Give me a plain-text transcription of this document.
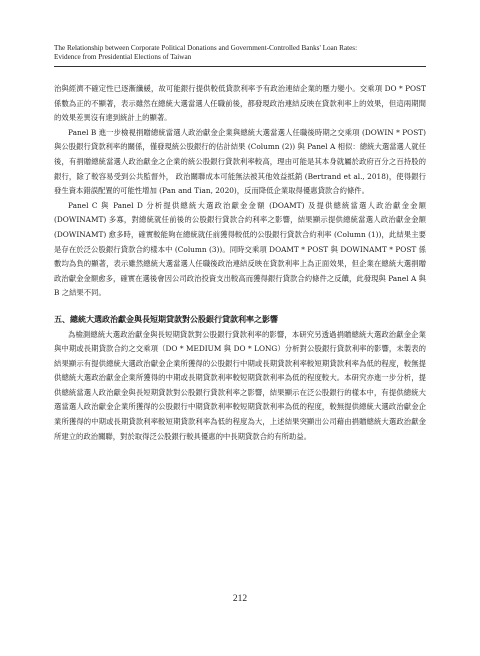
The Relationship between Corporate Political Donations and Government-Controlled Banks' Loan Rates:
Evidence from Presidential Elections of Taiwan

治與經濟不確定性已逐漸纖緩，故可能銀行提供較低貸款利率予有政治連結企業的壓力變小。交乘項 DO * POST 係數為正的不顯著，表示雖然在總統大選當選人任職前後，都發現政治連結反映在貸款利率上的效果，但這兩期間的效果差異沒有達到統計上的顯著。

Panel B 進一步檢視捐贈總統當選人政治獻金企業與總統大選當選人任職後時期之交乘項 (DOWIN * POST) 與公股銀行貸款利率的關係，僅發現統公股銀行的估計結果 (Column (2)) 與 Panel A 相似：總統大選當選人就任後，有捐贈總統當選人政治獻金之企業的統公股銀行貸款利率較高，理由可能是其本身就屬於政府百分之百持股的銀行，除了較容易受到公共監督外， 政治關聯成本可能無法被其他效益抵銷 (Bertrand et al., 2018)，使得銀行發生資本錯誤配置的可能性增加 (Pan and Tian, 2020)，反而降低企業取得優惠貸款合約條件。

Panel C 與 Panel D 分析提供總統大選政治獻金金額 (DOAMT) 及提供總統當選人政治獻金金額 (DOWINAMT) 多寡，對總統就任前後的公股銀行貸款合約利率之影響，結果顯示提供總統當選人政治獻金金額 (DOWINAMT) 愈多時，確實較能夠在總統就任前獲得較低的公股銀行貸款合約利率 (Column (1))，此結果主要是存在於泛公股銀行貸款合約樣本中 (Column (3))。同時交乘項 DOAMT * POST 與 DOWINAMT * POST 係數均為負的顯著，表示雖然總統大選當選人任職後政治連結反映在貸款利率上為正面效果，但企業在總統大選捐贈政治獻金金額愈多，確實在選後會因公司政治投資支出較高而獲得銀行貸款合約條件之反饋，此發現與 Panel A 與 B 之結果不同。

五、總統大選政治獻金與長短期貸款對公股銀行貸款利率之影響

為檢測總統大選政治獻金與長短期貸款對公股銀行貸款利率的影響，本研究另透過捐贈總統大選政治獻金企業與中期或長期貸款合約之交乘項（DO * MEDIUM 與 DO * LONG）分析對公股銀行貸款利率的影響，未製表的結果顯示有提供總統大選政治獻金企業所獲得的公股銀行中期或長期貸款利率較短期貸款利率為低的程度，較無提供總統大選政治獻金企業所獲得的中期或長期貸款利率較短期貸款利率為低的程度較大。本研究亦進一步分析，提供總統當選人政治獻金與長短期貸款對公股銀行貸款利率之影響，結果顯示在泛公股銀行的樣本中，有提供總統大選當選人政治獻金企業所獲得的公股銀行中期貸款利率較短期貸款利率為低的程度，較無提供總統大選政治獻金企業所獲得的中期或長期貸款利率較短期貸款利率為低的程度為大，上述結果突顯出公司藉由捐贈總統大選政治獻金所建立的政治關聯，對於取得泛公股銀行較具優惠的中長期貸款合約有所助益。

212
